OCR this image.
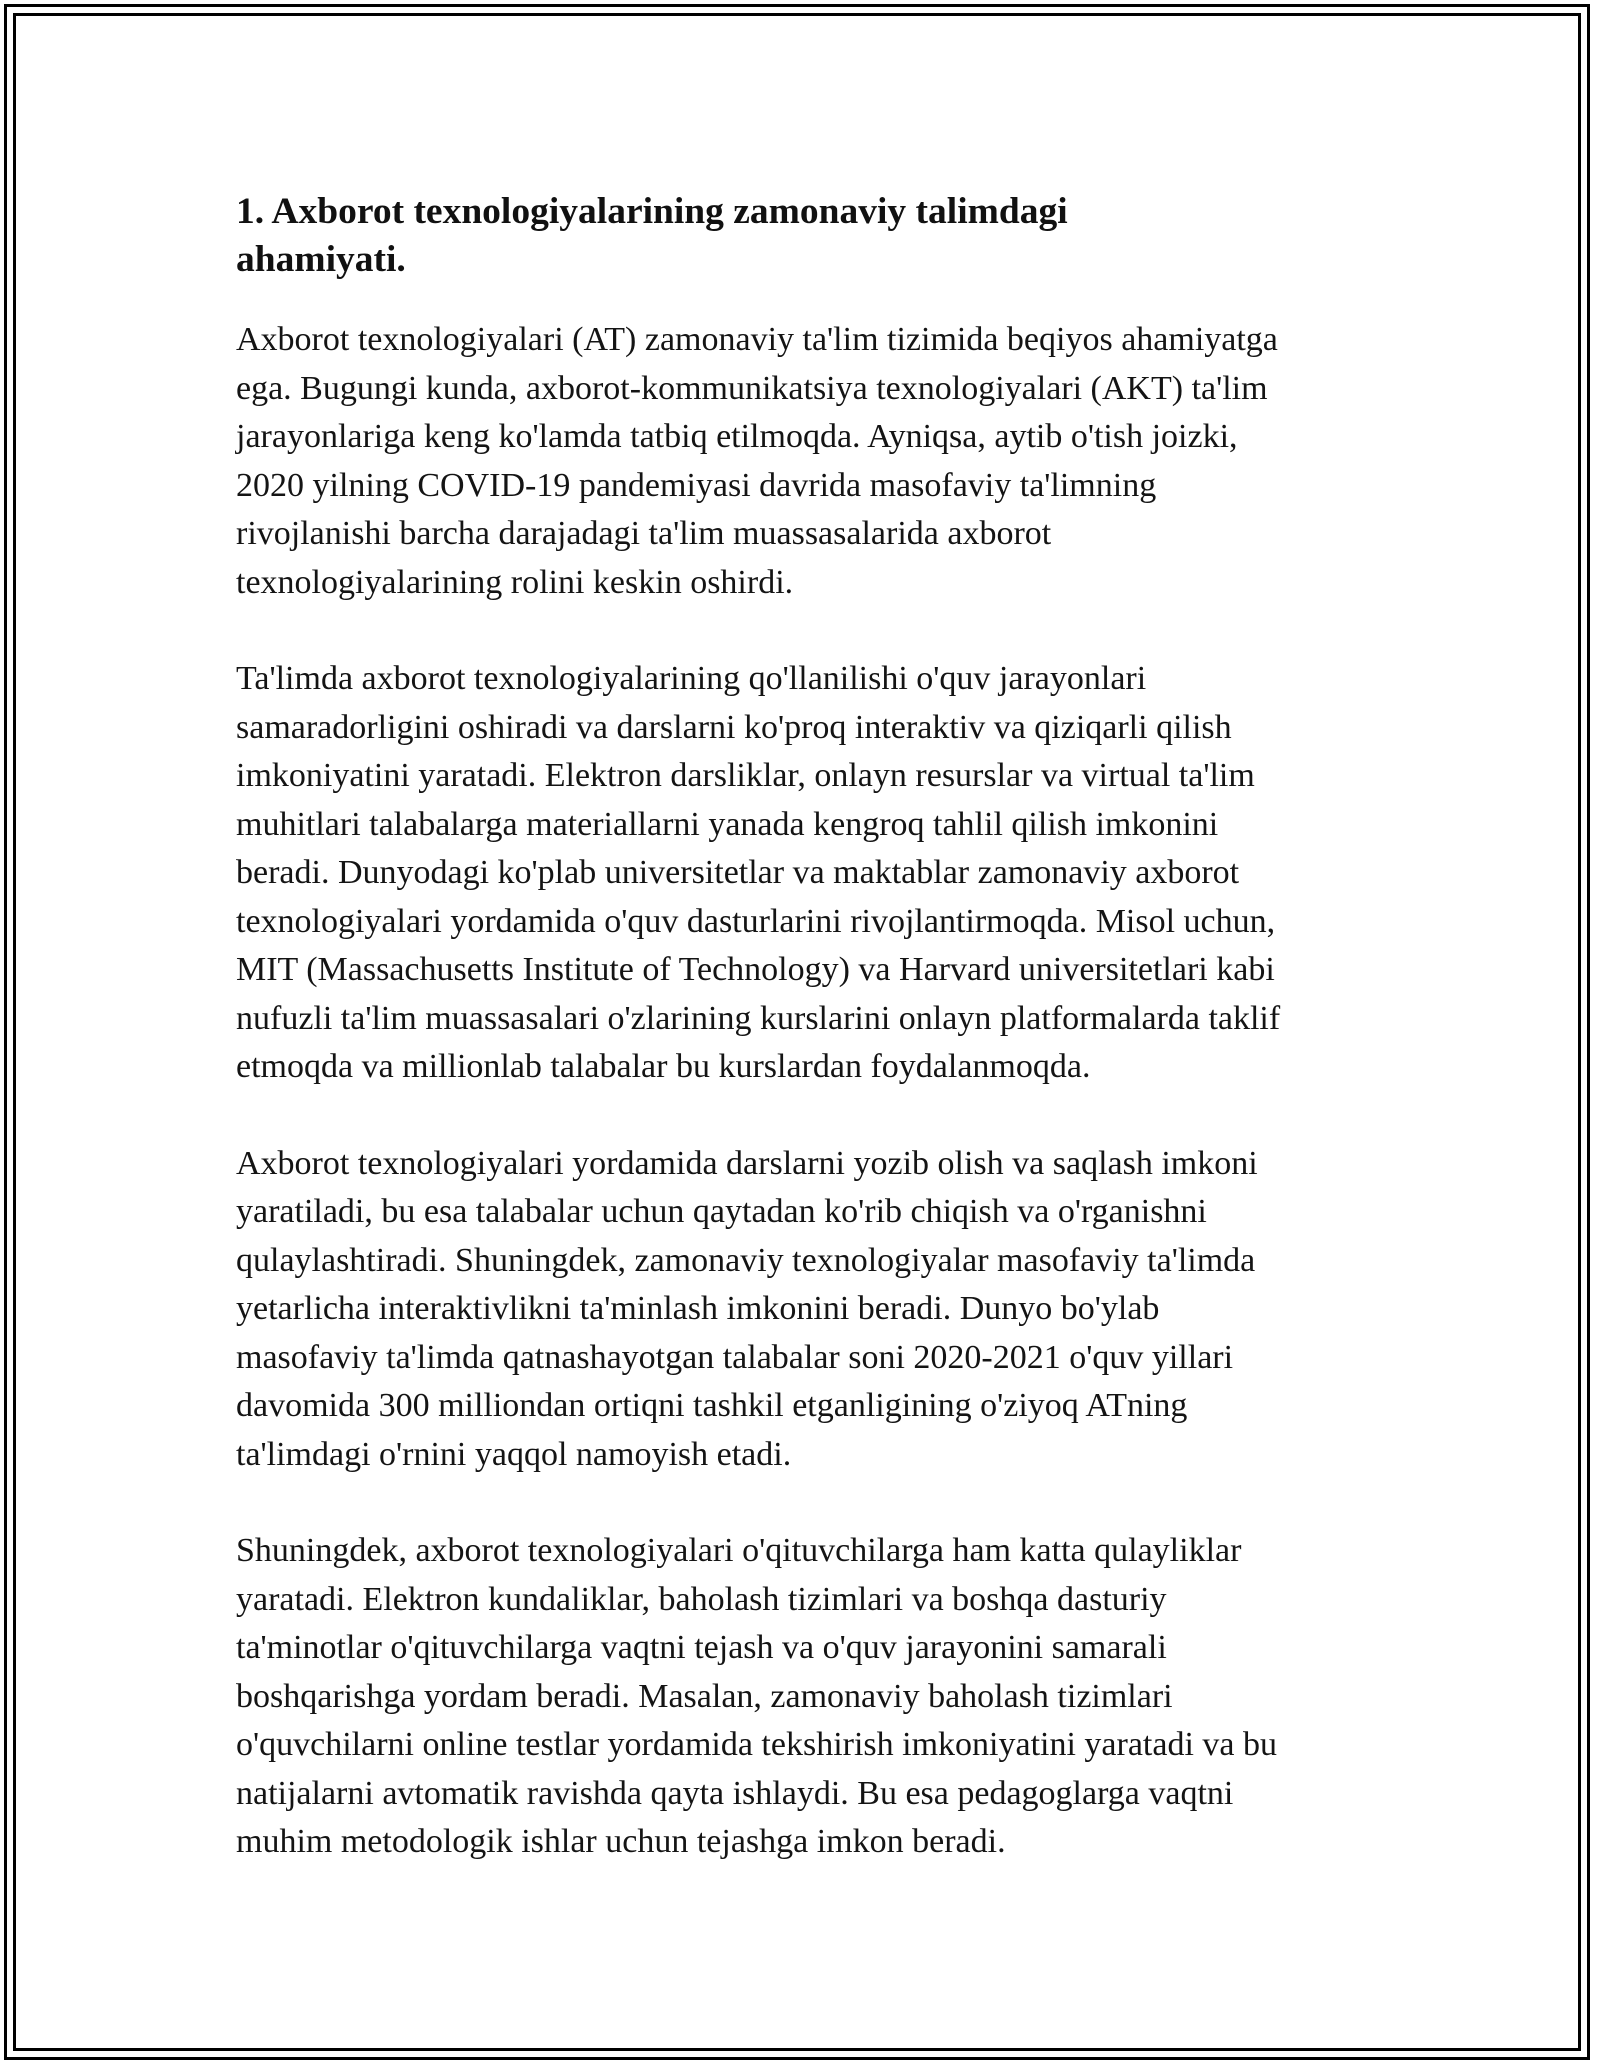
1. Axborot texnologiyalarining zamonaviy talimdagi
ahamiyati.

Axborot texnologiyalari (AT) zamonaviy ta'lim tizimida beqiyos ahamiyatga
ega. Bugungi kunda, axborot-kommunikatsiya texnologiyalari (AKT) ta'lim
jarayonlariga keng ko'lamda tatbiq etilmoqda. Ayniqsa, aytib o'tish joizki,
2020 yilning COVID-19 pandemiyasi davrida masofaviy ta'limning
rivojlanishi barcha darajadagi ta'lim muassasalarida axborot
texnologiyalarining rolini keskin oshirdi.

Ta'limda axborot texnologiyalarining qo'llanilishi o'quv jarayonlari
samaradorligini oshiradi va darslarni ko'proq interaktiv va qiziqarli qilish
imkoniyatini yaratadi. Elektron darsliklar, onlayn resurslar va virtual ta'lim
muhitlari talabalarga materiallarni yanada kengroq tahlil qilish imkonini
beradi. Dunyodagi ko'plab universitetlar va maktablar zamonaviy axborot
texnologiyalari yordamida o'quv dasturlarini rivojlantirmoqda. Misol uchun,
MIT (Massachusetts Institute of Technology) va Harvard universitetlari kabi
nufuzli ta'lim muassasalari o'zlarining kurslarini onlayn platformalarda taklif
etmoqda va millionlab talabalar bu kurslardan foydalanmoqda.

Axborot texnologiyalari yordamida darslarni yozib olish va saqlash imkoni
yaratiladi, bu esa talabalar uchun qaytadan ko'rib chiqish va o'rganishni
qulaylashtiradi. Shuningdek, zamonaviy texnologiyalar masofaviy ta'limda
yetarlicha interaktivlikni ta'minlash imkonini beradi. Dunyo bo'ylab
masofaviy ta'limda qatnashayotgan talabalar soni 2020-2021 o'quv yillari
davomida 300 milliondan ortiqni tashkil etganligining o'ziyoq ATning
ta'limdagi o'rnini yaqqol namoyish etadi.

Shuningdek, axborot texnologiyalari o'qituvchilarga ham katta qulayliklar
yaratadi. Elektron kundaliklar, baholash tizimlari va boshqa dasturiy
ta'minotlar o'qituvchilarga vaqtni tejash va o'quv jarayonini samarali
boshqarishga yordam beradi. Masalan, zamonaviy baholash tizimlari
o'quvchilarni online testlar yordamida tekshirish imkoniyatini yaratadi va bu
natijalarni avtomatik ravishda qayta ishlaydi. Bu esa pedagoglarga vaqtni
muhim metodologik ishlar uchun tejashga imkon beradi.
